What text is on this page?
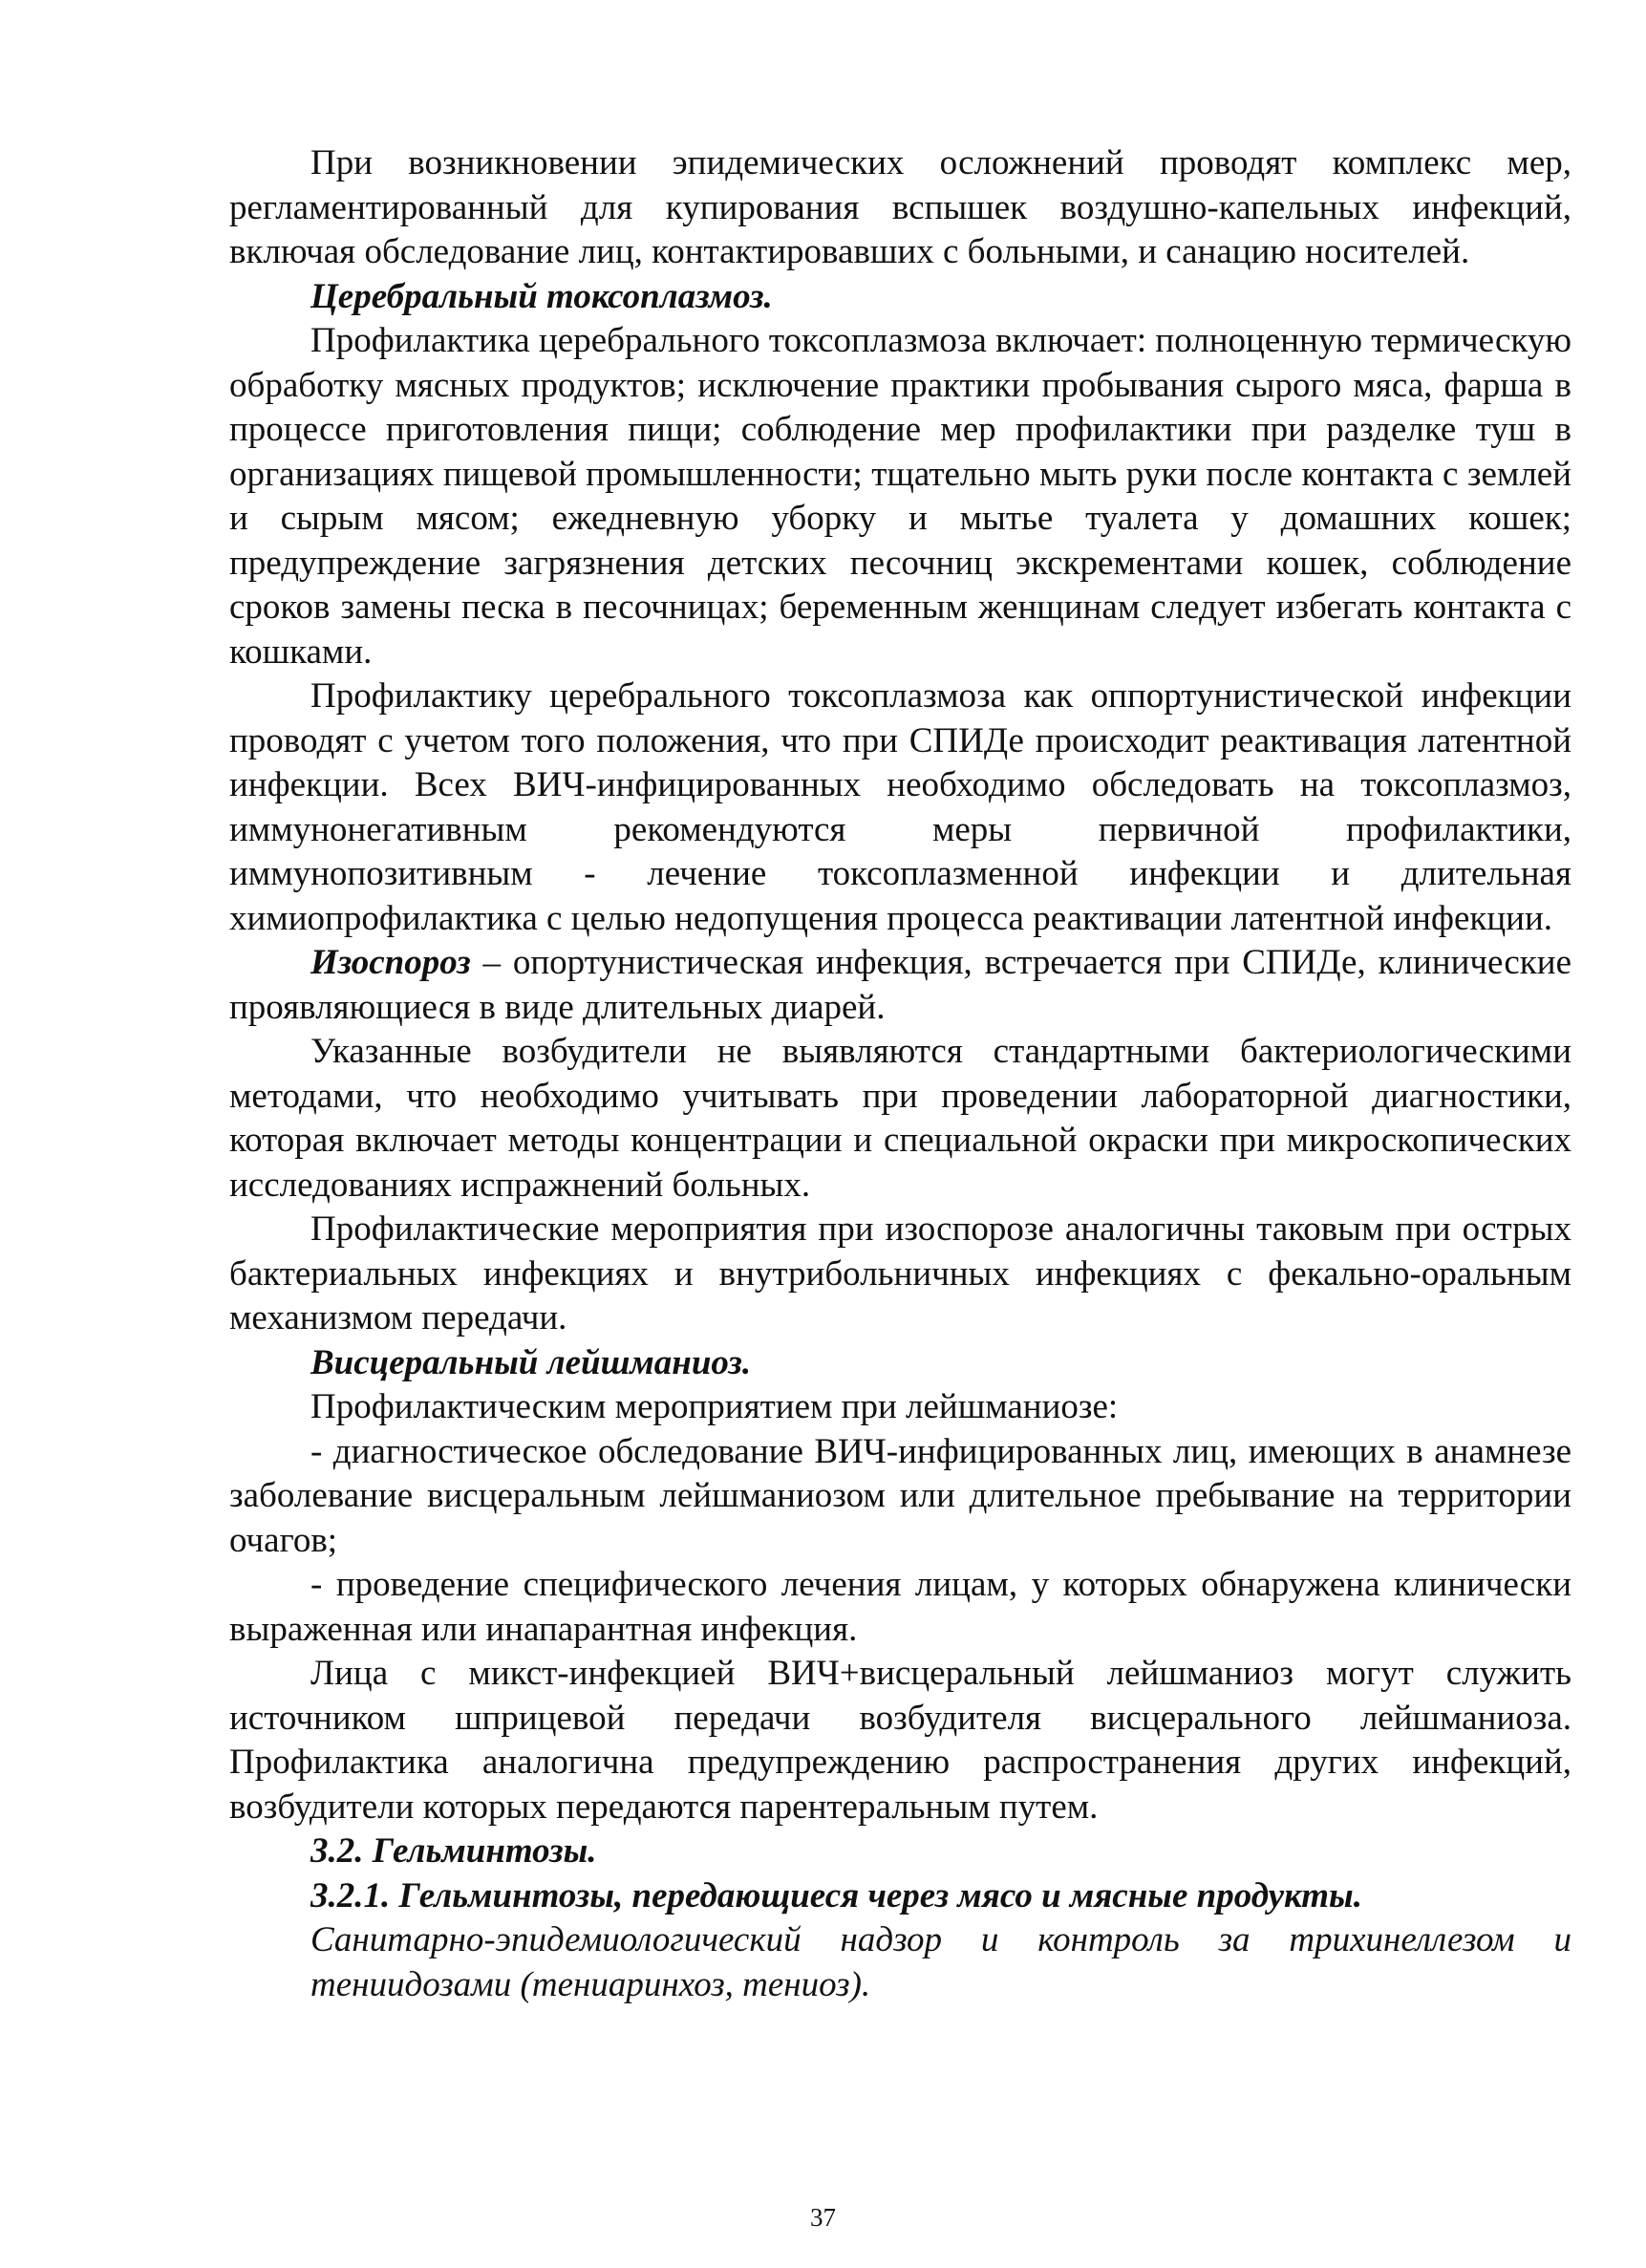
При возникновении эпидемических осложнений проводят комплекс мер, регламентированный для купирования вспышек воздушно-капельных инфекций, включая обследование лиц, контактировавших с больными, и санацию носителей.

Церебральный токсоплазмоз.

Профилактика церебрального токсоплазмоза включает: полноценную термическую обработку мясных продуктов; исключение практики пробывания сырого мяса, фарша в процессе приготовления пищи; соблюдение мер профилактики при разделке туш в организациях пищевой промышленности; тщательно мыть руки после контакта с землей и сырым мясом; ежедневную уборку и мытье туалета у домашних кошек; предупреждение загрязнения детских песочниц экскрементами кошек, соблюдение сроков замены песка в песочницах; беременным женщинам следует избегать контакта с кошками.

Профилактику церебрального токсоплазмоза как оппортунистической инфекции проводят с учетом того положения, что при СПИДе происходит реактивация латентной инфекции. Всех ВИЧ-инфицированных необходимо обследовать на токсоплазмоз, иммунонегативным рекомендуются меры первичной профилактики, иммунопозитивным - лечение токсоплазменной инфекции и длительная химиопрофилактика с целью недопущения процесса реактивации латентной инфекции.

Изоспороз – опортунистическая инфекция, встречается при СПИДе, клинические проявляющиеся в виде длительных диарей.

Указанные возбудители не выявляются стандартными бактериологическими методами, что необходимо учитывать при проведении лабораторной диагностики, которая включает методы концентрации и специальной окраски при микроскопических исследованиях испражнений больных.

Профилактические мероприятия при изоспорозе аналогичны таковым при острых бактериальных инфекциях и внутрибольничных инфекциях с фекально-оральным механизмом передачи.

Висцеральный лейшманиоз.

Профилактическим мероприятием при лейшманиозе:

- диагностическое обследование ВИЧ-инфицированных лиц, имеющих в анамнезе заболевание висцеральным лейшманиозом или длительное пребывание на территории очагов;

- проведение специфического лечения лицам, у которых обнаружена клинически выраженная или инапарантная инфекция.

Лица с микст-инфекцией ВИЧ+висцеральный лейшманиоз могут служить источником шприцевой передачи возбудителя висцерального лейшманиоза. Профилактика аналогична предупреждению распространения других инфекций, возбудители которых передаются парентеральным путем.

3.2. Гельминтозы.

3.2.1. Гельминтозы, передающиеся через мясо и мясные продукты.

Санитарно-эпидемиологический надзор и контроль за трихинеллезом и тениидозами (тениаринхоз, тениоз).

37
